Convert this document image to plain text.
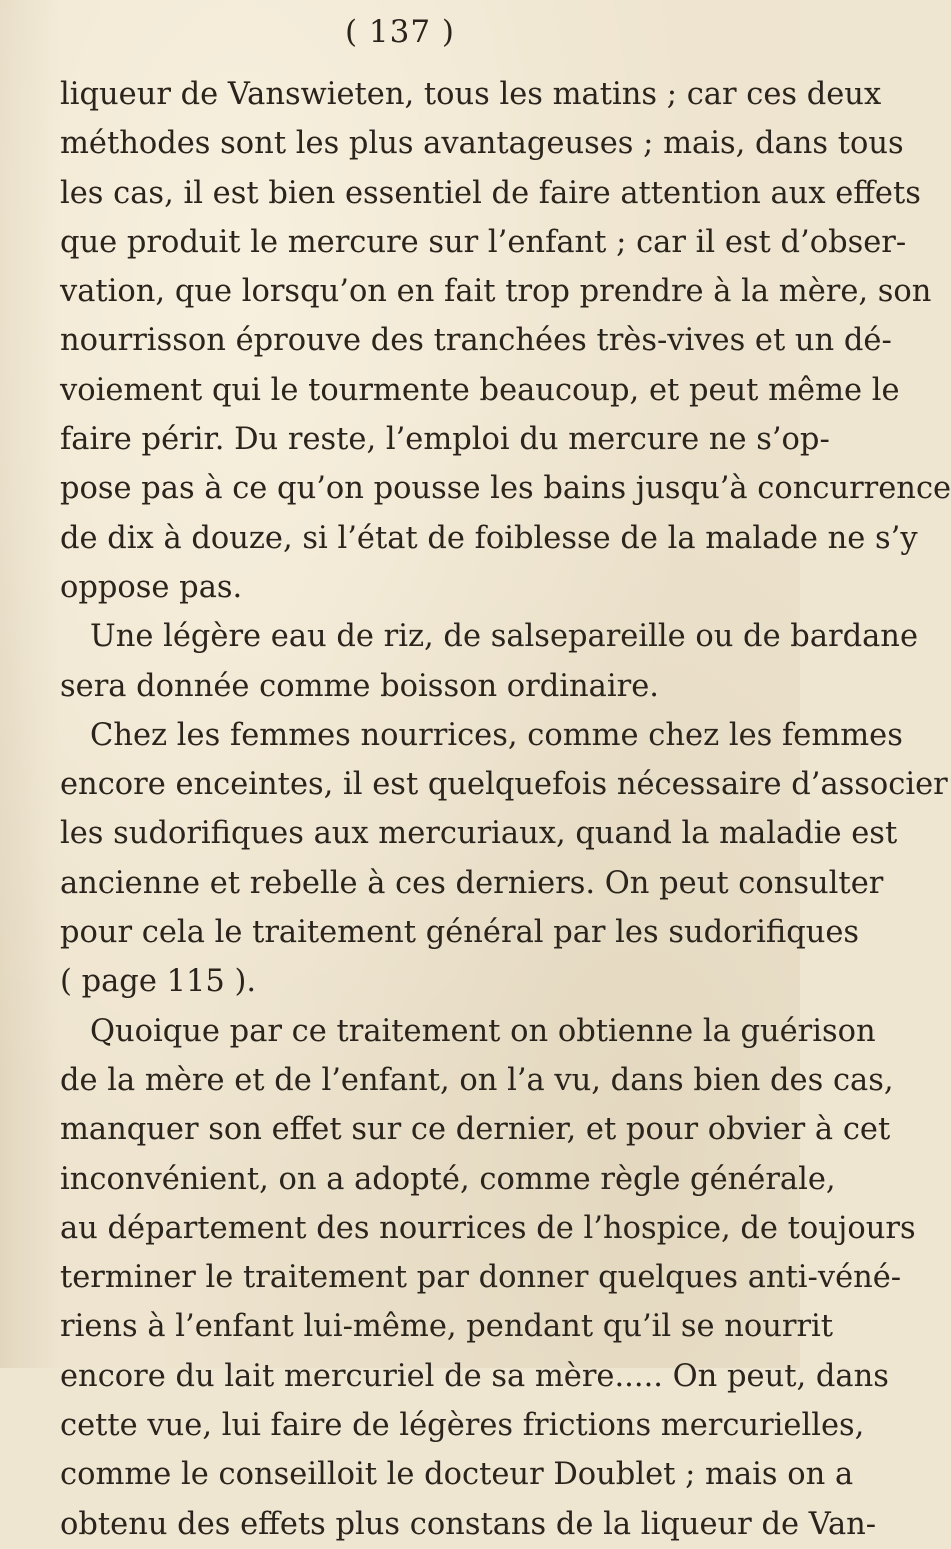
( 137 )
liqueur de Vanswieten, tous les matins ; car ces deux
méthodes sont les plus avantageuses ; mais, dans tous
les cas, il est bien essentiel de faire attention aux effets
que produit le mercure sur l’enfant ; car il est d’obser-
vation, que lorsqu’on en fait trop prendre à la mère, son
nourrisson éprouve des tranchées très-vives et un dé-
voiement qui le tourmente beaucoup, et peut même le
faire périr. Du reste, l’emploi du mercure ne s’op-
pose pas à ce qu’on pousse les bains jusqu’à concurrence
de dix à douze, si l’état de foiblesse de la malade ne s’y
oppose pas.
Une légère eau de riz, de salsepareille ou de bardane
sera donnée comme boisson ordinaire.
Chez les femmes nourrices, comme chez les femmes
encore enceintes, il est quelquefois nécessaire d’associer
les sudorifiques aux mercuriaux, quand la maladie est
ancienne et rebelle à ces derniers. On peut consulter
pour cela le traitement général par les sudorifiques
( page 115 ).
Quoique par ce traitement on obtienne la guérison
de la mère et de l’enfant, on l’a vu, dans bien des cas,
manquer son effet sur ce dernier, et pour obvier à cet
inconvénient, on a adopté, comme règle générale,
au département des nourrices de l’hospice, de toujours
terminer le traitement par donner quelques anti-véné-
riens à l’enfant lui-même, pendant qu’il se nourrit
encore du lait mercuriel de sa mère..... On peut, dans
cette vue, lui faire de légères frictions mercurielles,
comme le conseilloit le docteur Doublet ; mais on a
obtenu des effets plus constans de la liqueur de Van-
